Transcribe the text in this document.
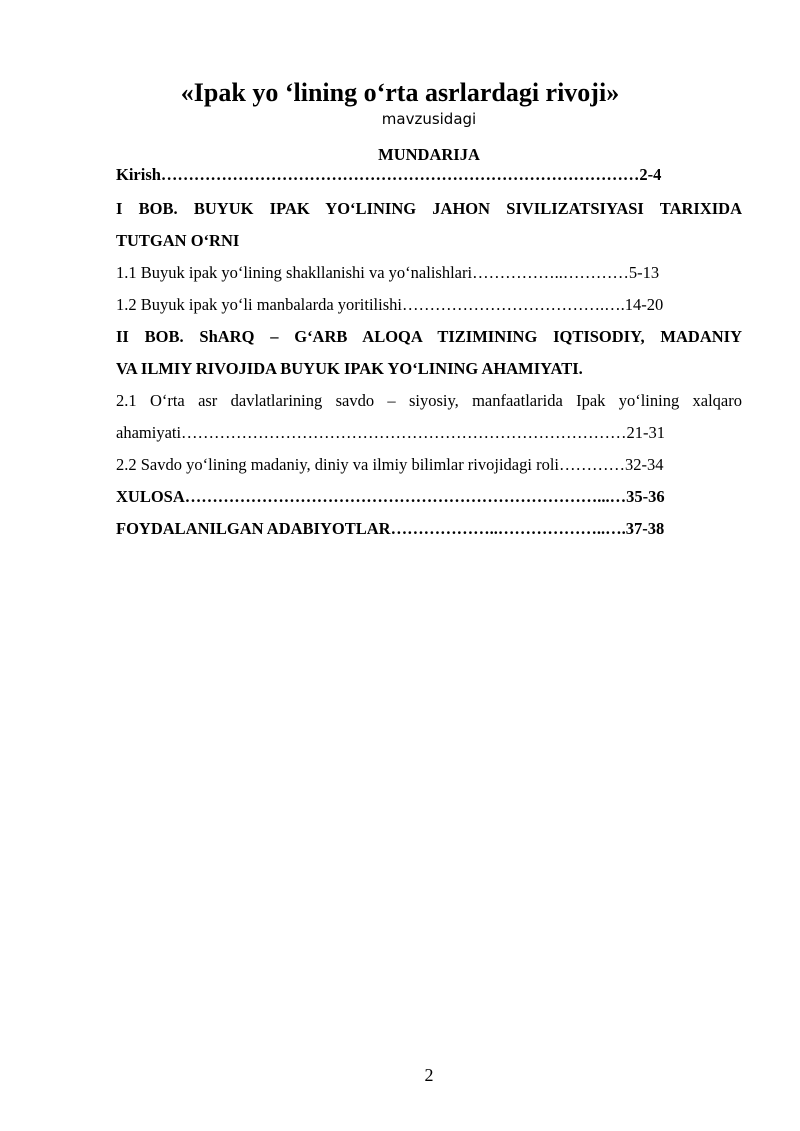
«Ipak yo ‘lining o‘rta asrlardagi rivoji»
mavzusidagi
MUNDARIJA
Kirish……………………………………………………………………………2-4
I BOB. BUYUK IPAK YO‘LINING JAHON SIVILIZATSIYASI TARIXIDA
TUTGAN O‘RNI
1.1 Buyuk ipak yo‘lining shakllanishi va yo‘nalishlari……………..…………5-13
1.2 Buyuk ipak yo‘li manbalarda yoritilishi……………………………….….14-20
II BOB. ShARQ – G‘ARB ALOQA TIZIMINING IQTISODIY, MADANIY
VA ILMIY RIVOJIDA BUYUK IPAK YO‘LINING AHAMIYATI.
2.1 O‘rta asr davlatlarining savdo – siyosiy, manfaatlarida Ipak yo‘lining xalqaro
ahamiyati………………………………………………………………………21-31
2.2 Savdo yo‘lining madaniy, diniy va ilmiy bilimlar rivojidagi roli…………32-34
XULOSA…………………………………………………………………...…35-36
FOYDALANILGAN ADABIYOTLAR………………..………………..….37-38
2
